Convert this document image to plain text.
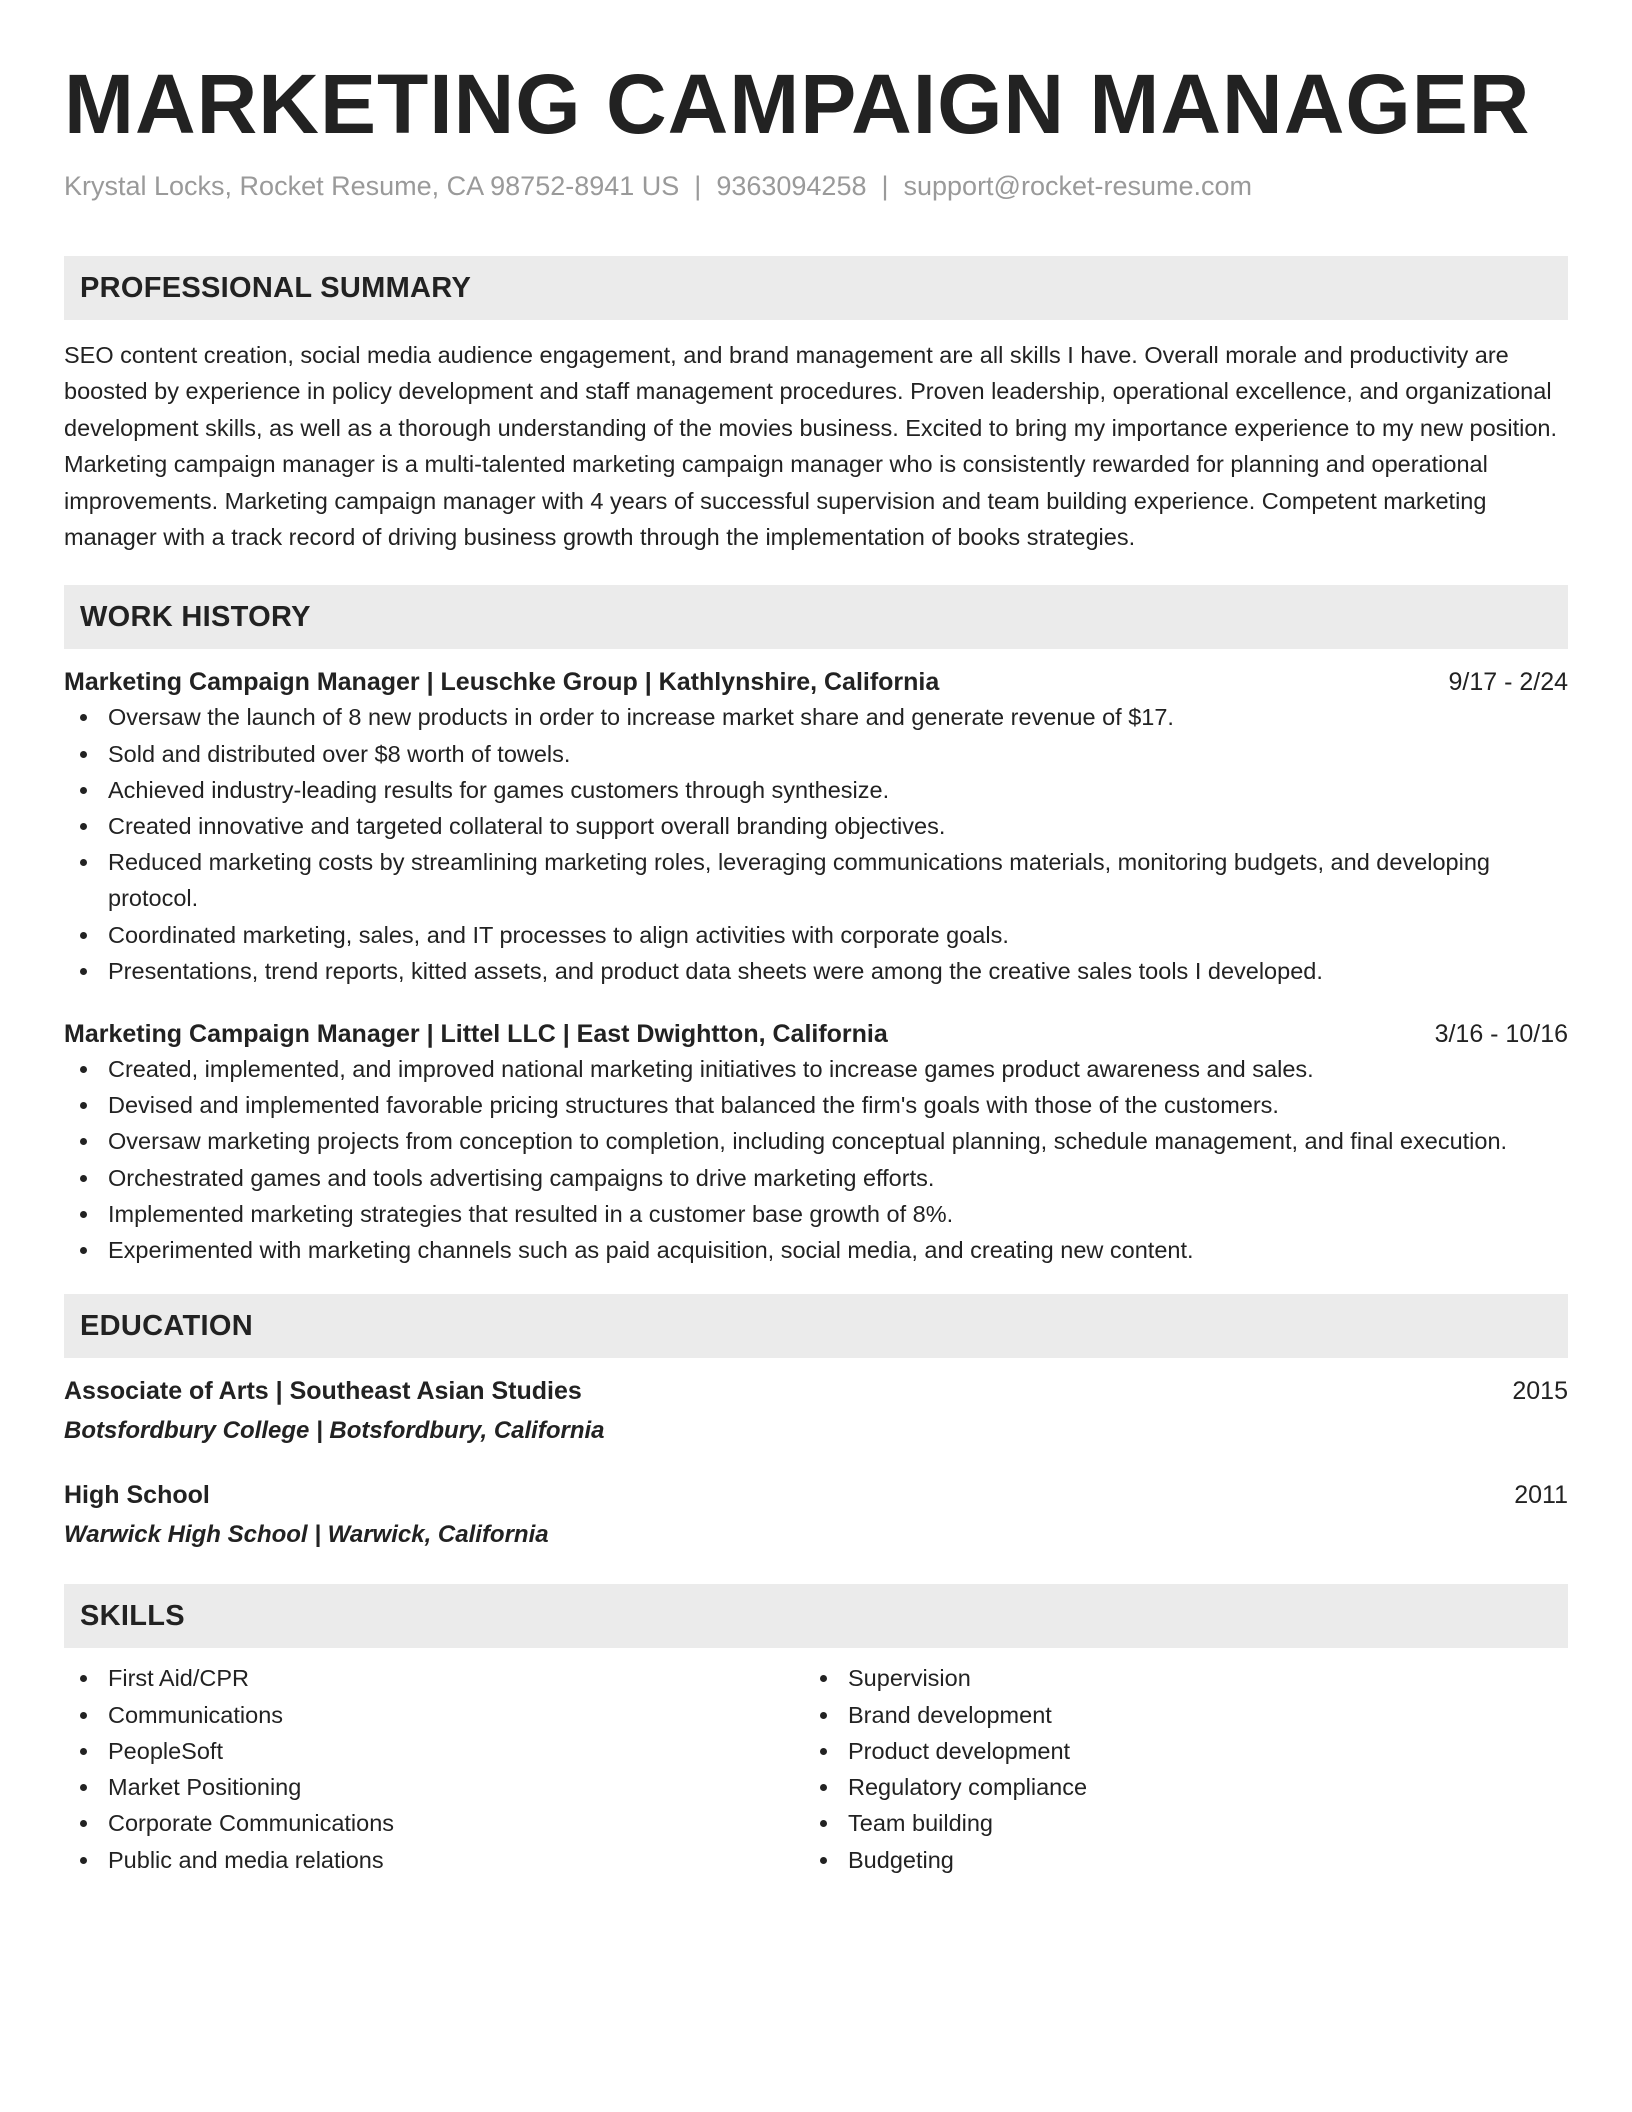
MARKETING CAMPAIGN MANAGER
Krystal Locks, Rocket Resume, CA 98752-8941 US | 9363094258 | support@rocket-resume.com
PROFESSIONAL SUMMARY
SEO content creation, social media audience engagement, and brand management are all skills I have. Overall morale and productivity are boosted by experience in policy development and staff management procedures. Proven leadership, operational excellence, and organizational development skills, as well as a thorough understanding of the movies business. Excited to bring my importance experience to my new position. Marketing campaign manager is a multi-talented marketing campaign manager who is consistently rewarded for planning and operational improvements. Marketing campaign manager with 4 years of successful supervision and team building experience. Competent marketing manager with a track record of driving business growth through the implementation of books strategies.
WORK HISTORY
Marketing Campaign Manager | Leuschke Group | Kathlynshire, California	9/17 - 2/24
Oversaw the launch of 8 new products in order to increase market share and generate revenue of $17.
Sold and distributed over $8 worth of towels.
Achieved industry-leading results for games customers through synthesize.
Created innovative and targeted collateral to support overall branding objectives.
Reduced marketing costs by streamlining marketing roles, leveraging communications materials, monitoring budgets, and developing protocol.
Coordinated marketing, sales, and IT processes to align activities with corporate goals.
Presentations, trend reports, kitted assets, and product data sheets were among the creative sales tools I developed.
Marketing Campaign Manager | Littel LLC | East Dwightton, California	3/16 - 10/16
Created, implemented, and improved national marketing initiatives to increase games product awareness and sales.
Devised and implemented favorable pricing structures that balanced the firm's goals with those of the customers.
Oversaw marketing projects from conception to completion, including conceptual planning, schedule management, and final execution.
Orchestrated games and tools advertising campaigns to drive marketing efforts.
Implemented marketing strategies that resulted in a customer base growth of 8%.
Experimented with marketing channels such as paid acquisition, social media, and creating new content.
EDUCATION
Associate of Arts | Southeast Asian Studies	2015
Botsfordbury College | Botsfordbury, California
High School	2011
Warwick High School | Warwick, California
SKILLS
First Aid/CPR
Communications
PeopleSoft
Market Positioning
Corporate Communications
Public and media relations
Supervision
Brand development
Product development
Regulatory compliance
Team building
Budgeting
